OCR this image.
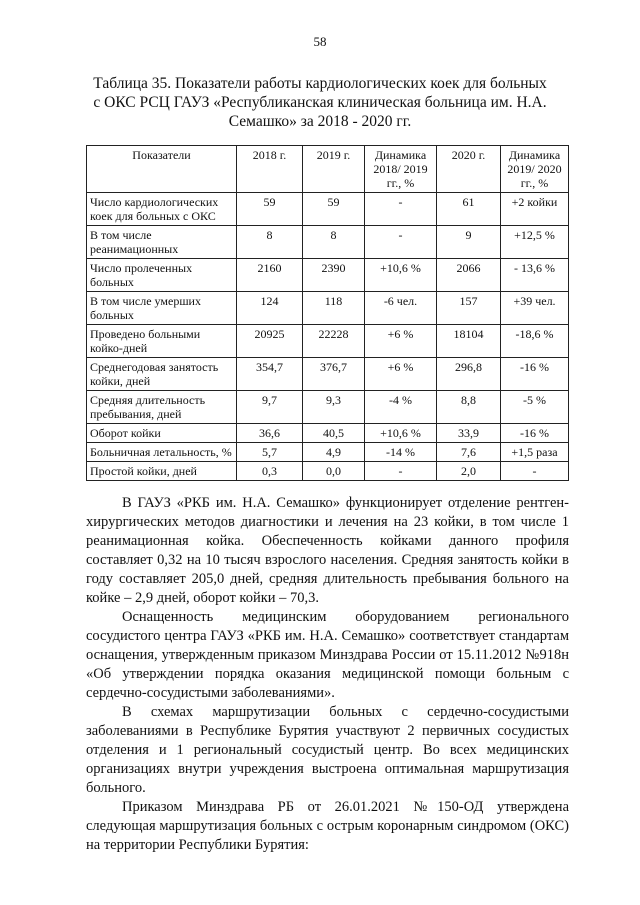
58
Таблица 35. Показатели работы кардиологических коек для больных
с ОКС РСЦ ГАУЗ «Республиканская клиническая больница им. Н.А.
Семашко» за 2018 - 2020 гг.
Показатели	2018 г.	2019 г.	Динамика 2018/ 2019 гг., %	2020 г.	Динамика 2019/ 2020 гг., %
Число кардиологических коек для больных с ОКС	59	59	-	61	+2 койки
В том числе реанимационных	8	8	-	9	+12,5 %
Число пролеченных больных	2160	2390	+10,6 %	2066	- 13,6 %
В том числе умерших больных	124	118	-6 чел.	157	+39 чел.
Проведено больными койко-дней	20925	22228	+6 %	18104	-18,6 %
Среднегодовая занятость койки, дней	354,7	376,7	+6 %	296,8	-16 %
Средняя длительность пребывания, дней	9,7	9,3	-4 %	8,8	-5 %
Оборот койки	36,6	40,5	+10,6 %	33,9	-16 %
Больничная летальность, %	5,7	4,9	-14 %	7,6	+1,5 раза
Простой койки, дней	0,3	0,0	-	2,0	-

В ГАУЗ «РКБ им. Н.А. Семашко» функционирует отделение рентген-хирургических методов диагностики и лечения на 23 койки, в том числе 1 реанимационная койка. Обеспеченность койками данного профиля составляет 0,32 на 10 тысяч взрослого населения. Средняя занятость койки в году составляет 205,0 дней, средняя длительность пребывания больного на койке – 2,9 дней, оборот койки – 70,3.

Оснащенность медицинским оборудованием регионального сосудистого центра ГАУЗ «РКБ им. Н.А. Семашко» соответствует стандартам оснащения, утвержденным приказом Минздрава России от 15.11.2012 №918н «Об утверждении порядка оказания медицинской помощи больным с сердечно-сосудистыми заболеваниями».

В схемах маршрутизации больных с сердечно-сосудистыми заболеваниями в Республике Бурятия участвуют 2 первичных сосудистых отделения и 1 региональный сосудистый центр. Во всех медицинских организациях внутри учреждения выстроена оптимальная маршрутизация больного.

Приказом Минздрава РБ от 26.01.2021 №150-ОД утверждена следующая маршрутизация больных с острым коронарным синдромом (ОКС) на территории Республики Бурятия:
